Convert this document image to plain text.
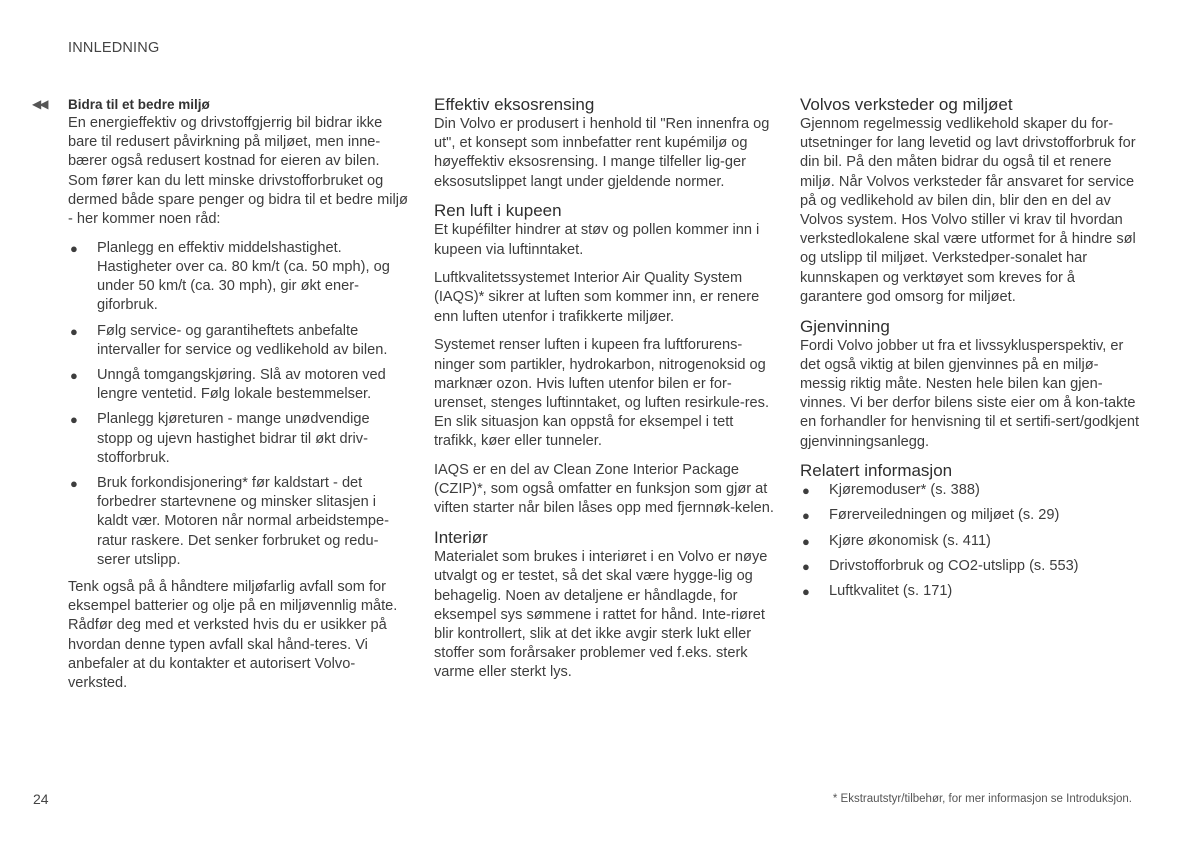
INNLEDNING
◀◀ Bidra til et bedre miljø

En energieffektiv og drivstoffgjerrig bil bidrar ikke bare til redusert påvirkning på miljøet, men inne-bærer også redusert kostnad for eieren av bilen. Som fører kan du lett minske drivstofforbruket og dermed både spare penger og bidra til et bedre miljø - her kommer noen råd:

● Planlegg en effektiv middelshastighet. Hastigheter over ca. 80 km/t (ca. 50 mph), og under 50 km/t (ca. 30 mph), gir økt ener-giforbruk.
● Følg service- og garantiheftets anbefalte intervaller for service og vedlikehold av bilen.
● Unngå tomgangskjøring. Slå av motoren ved lengre ventetid. Følg lokale bestemmelser.
● Planlegg kjøreturen - mange unødvendige stopp og ujevn hastighet bidrar til økt driv-stofforbruk.
● Bruk forkondisjonering* før kaldstart - det forbedrer startevnene og minsker slitasjen i kaldt vær. Motoren når normal arbeidstempe-ratur raskere. Det senker forbruket og redu-serer utslipp.

Tenk også på å håndtere miljøfarlig avfall som for eksempel batterier og olje på en miljøvennlig måte. Rådfør deg med et verksted hvis du er usikker på hvordan denne typen avfall skal hånd-teres. Vi anbefaler at du kontakter et autorisert Volvo-verksted.

Effektiv eksosrensing

Din Volvo er produsert i henhold til "Ren innenfra og ut", et konsept som innbefatter rent kupémiljø og høyeffektiv eksosrensing. I mange tilfeller lig-ger eksosutslippet langt under gjeldende normer.

Ren luft i kupeen

Et kupéfilter hindrer at støv og pollen kommer inn i kupeen via luftinntaket.

Luftkvalitetssystemet Interior Air Quality System (IAQS)* sikrer at luften som kommer inn, er renere enn luften utenfor i trafikkerte miljøer.

Systemet renser luften i kupeen fra luftforurens-ninger som partikler, hydrokarbon, nitrogenoksid og marknær ozon. Hvis luften utenfor bilen er for-urenset, stenges luftinntaket, og luften resirkule-res. En slik situasjon kan oppstå for eksempel i tett trafikk, køer eller tunneler.

IAQS er en del av Clean Zone Interior Package (CZIP)*, som også omfatter en funksjon som gjør at viften starter når bilen låses opp med fjernnøk-kelen.

Interiør

Materialet som brukes i interiøret i en Volvo er nøye utvalgt og er testet, så det skal være hygge-lig og behagelig. Noen av detaljene er håndlagde, for eksempel sys sømmene i rattet for hånd. Inte-riøret blir kontrollert, slik at det ikke avgir sterk lukt eller stoffer som forårsaker problemer ved f.eks. sterk varme eller sterkt lys.

Volvos verksteder og miljøet

Gjennom regelmessig vedlikehold skaper du for-utsetninger for lang levetid og lavt drivstofforbruk for din bil. På den måten bidrar du også til et renere miljø. Når Volvos verksteder får ansvaret for service på og vedlikehold av bilen din, blir den en del av Volvos system. Hos Volvo stiller vi krav til hvordan verkstedlokalene skal være utformet for å hindre søl og utslipp til miljøet. Verkstedper-sonalet har kunnskapen og verktøyet som kreves for å garantere god omsorg for miljøet.

Gjenvinning

Fordi Volvo jobber ut fra et livssyklusperspektiv, er det også viktig at bilen gjenvinnes på en miljø-messig riktig måte. Nesten hele bilen kan gjen-vinnes. Vi ber derfor bilens siste eier om å kon-takte en forhandler for henvisning til et sertifi-sert/godkjent gjenvinningsanlegg.

Relatert informasjon
● Kjøremoduser* (s. 388)
● Førerveiledningen og miljøet (s. 29)
● Kjøre økonomisk (s. 411)
● Drivstofforbruk og CO2-utslipp (s. 553)
● Luftkvalitet (s. 171)
24	* Ekstrautstyr/tilbehør, for mer informasjon se Introduksjon.
